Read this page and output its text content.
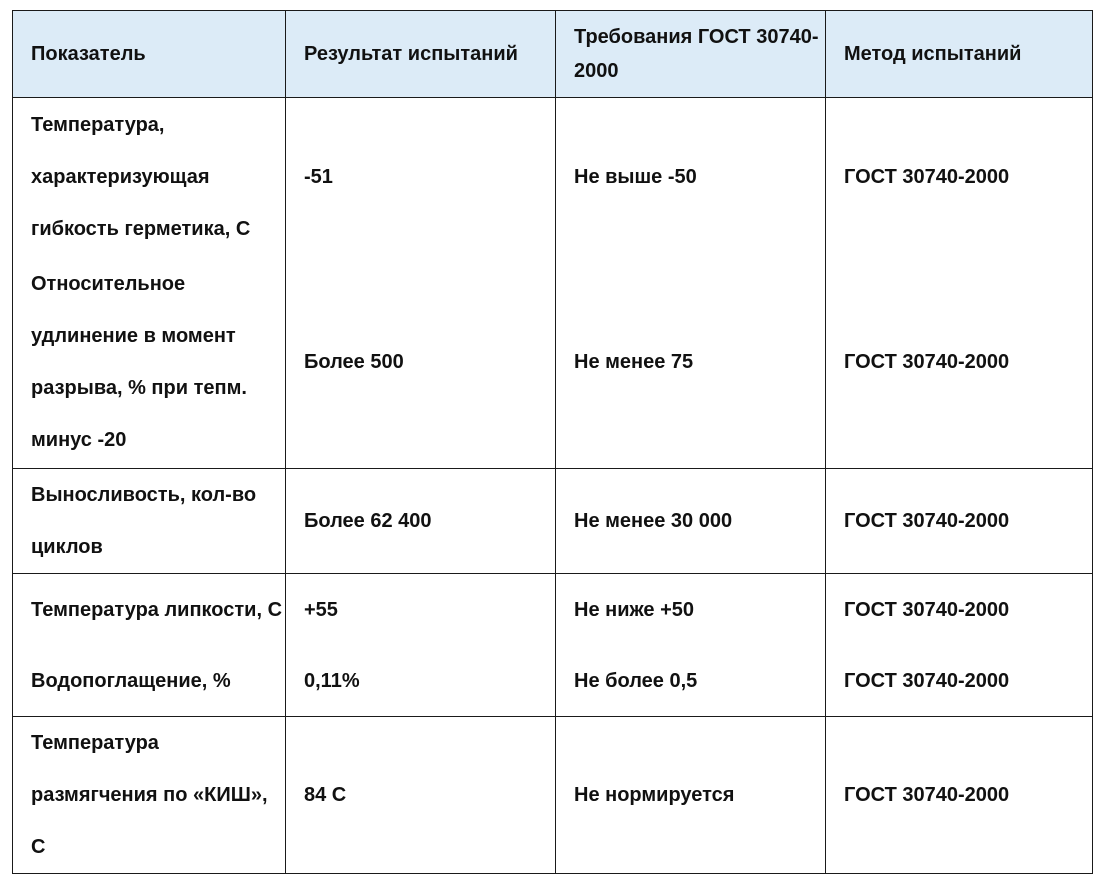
Показатель	Результат испытаний	Требования ГОСТ 30740-2000	Метод испытаний
Температура, характеризующая гибкость герметика, С	-51	Не выше -50	ГОСТ 30740-2000
Относительное удлинение в момент разрыва, % при тепм. минус -20	Более 500	Не менее 75	ГОСТ 30740-2000
Выносливость, кол-во циклов	Более 62 400	Не менее 30 000	ГОСТ 30740-2000
Температура липкости, С	+55	Не ниже +50	ГОСТ 30740-2000
Водопоглащение, %	0,11%	Не более 0,5	ГОСТ 30740-2000
Температура размягчения по «КИШ», С	84 С	Не нормируется	ГОСТ 30740-2000
